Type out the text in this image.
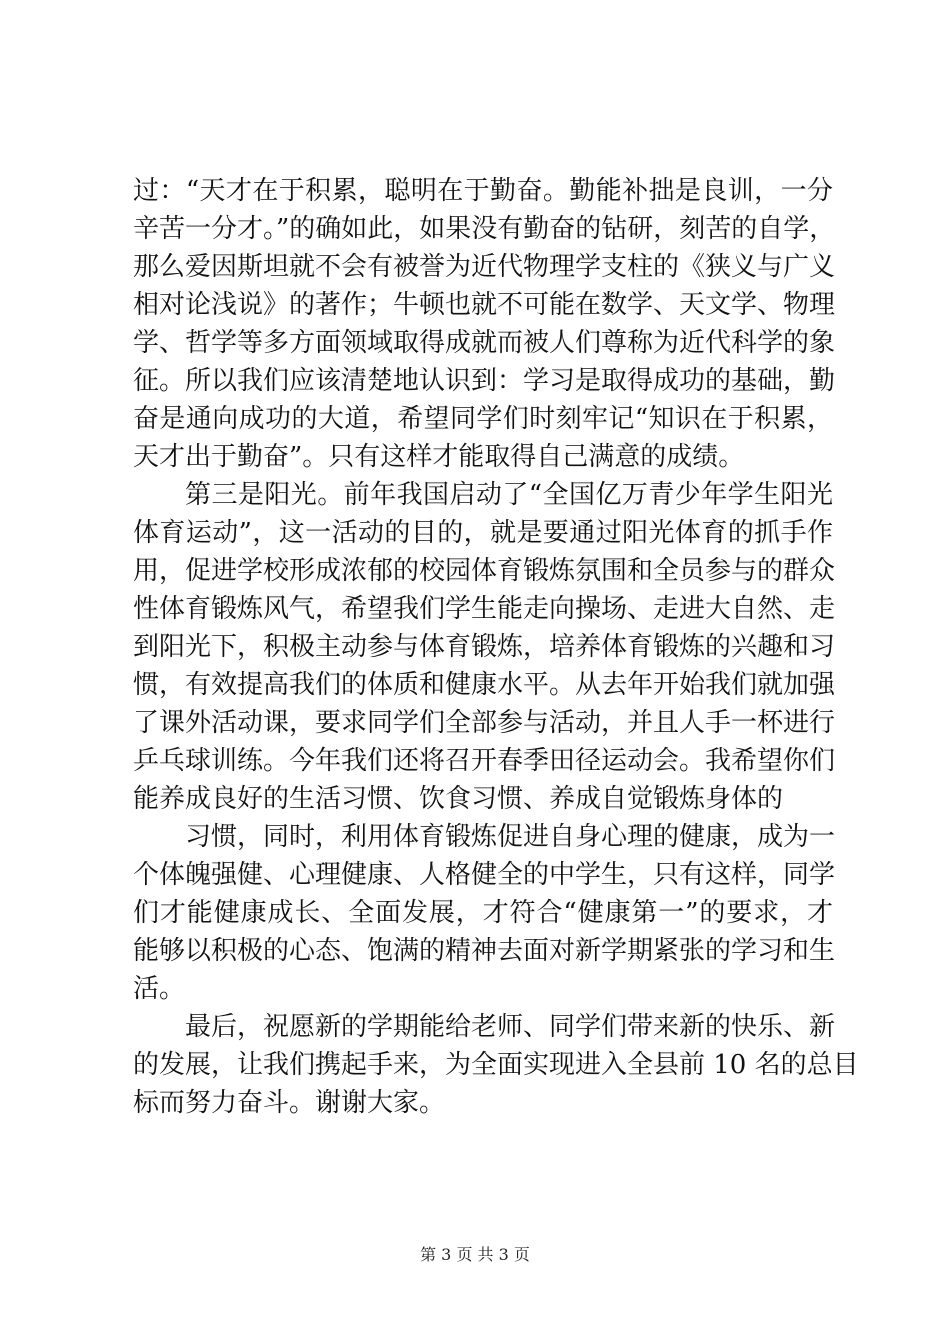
过：“天才在于积累，聪明在于勤奋。勤能补拙是良训，一分
辛苦一分才。”的确如此，如果没有勤奋的钻研，刻苦的自学，
那么爱因斯坦就不会有被誉为近代物理学支柱的《狭义与广义
相对论浅说》的著作；牛顿也就不可能在数学、天文学、物理
学、哲学等多方面领域取得成就而被人们尊称为近代科学的象
征。所以我们应该清楚地认识到：学习是取得成功的基础，勤
奋是通向成功的大道，希望同学们时刻牢记“知识在于积累，
天才出于勤奋”。只有这样才能取得自己满意的成绩。
第三是阳光。前年我国启动了“全国亿万青少年学生阳光
体育运动”，这一活动的目的，就是要通过阳光体育的抓手作
用，促进学校形成浓郁的校园体育锻炼氛围和全员参与的群众
性体育锻炼风气，希望我们学生能走向操场、走进大自然、走
到阳光下，积极主动参与体育锻炼，培养体育锻炼的兴趣和习
惯，有效提高我们的体质和健康水平。从去年开始我们就加强
了课外活动课，要求同学们全部参与活动，并且人手一杯进行
乒乓球训练。今年我们还将召开春季田径运动会。我希望你们
能养成良好的生活习惯、饮食习惯、养成自觉锻炼身体的
习惯，同时，利用体育锻炼促进自身心理的健康，成为一
个体魄强健、心理健康、人格健全的中学生，只有这样，同学
们才能健康成长、全面发展，才符合“健康第一”的要求，才
能够以积极的心态、饱满的精神去面对新学期紧张的学习和生
活。
最后，祝愿新的学期能给老师、同学们带来新的快乐、新
的发展，让我们携起手来，为全面实现进入全县前 10 名的总目
标而努力奋斗。谢谢大家。
第 3 页 共 3 页
